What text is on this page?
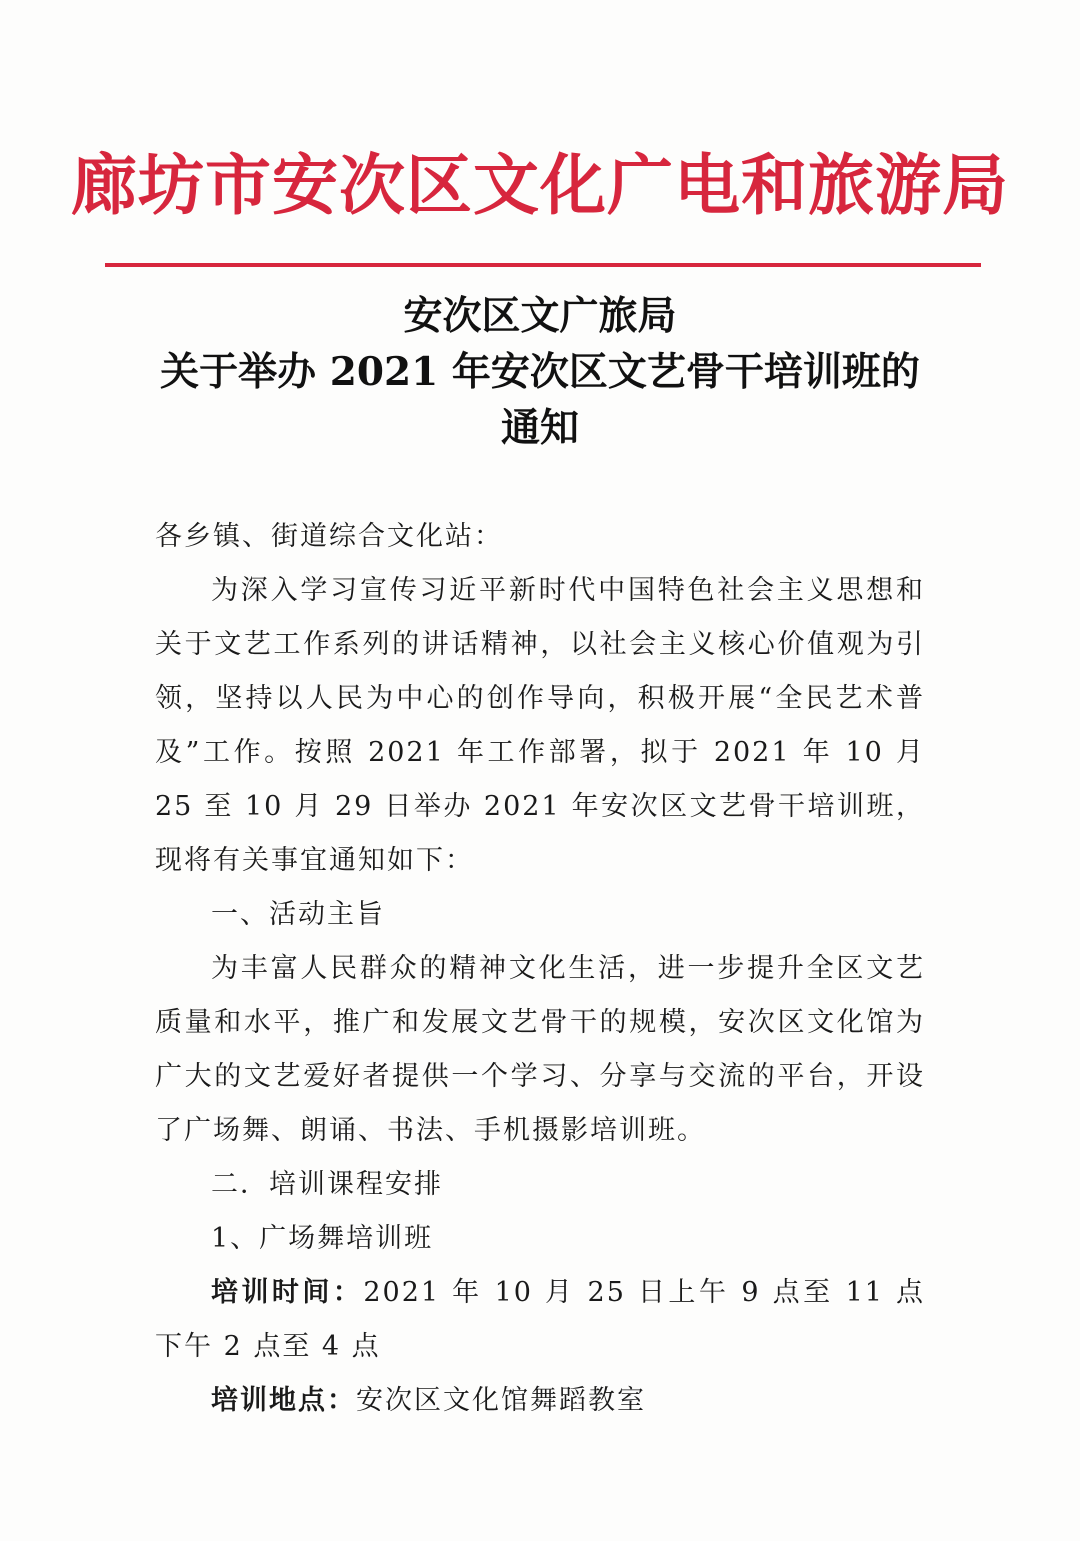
廊坊市安次区文化广电和旅游局
安次区文广旅局
关于举办 2021 年安次区文艺骨干培训班的
通知

各乡镇、街道综合文化站：

为深入学习宣传习近平新时代中国特色社会主义思想和关于文艺工作系列的讲话精神，以社会主义核心价值观为引领，坚持以人民为中心的创作导向，积极开展“全民艺术普及”工作。按照 2021 年工作部署，拟于 2021 年 10 月 25 至 10 月 29 日举办 2021 年安次区文艺骨干培训班，现将有关事宜通知如下：

一、活动主旨

为丰富人民群众的精神文化生活，进一步提升全区文艺质量和水平，推广和发展文艺骨干的规模，安次区文化馆为广大的文艺爱好者提供一个学习、分享与交流的平台，开设了广场舞、朗诵、书法、手机摄影培训班。

二．培训课程安排

1、广场舞培训班

培训时间：2021 年 10 月 25 日上午 9 点至 11 点 下午 2 点至 4 点

培训地点：安次区文化馆舞蹈教室
